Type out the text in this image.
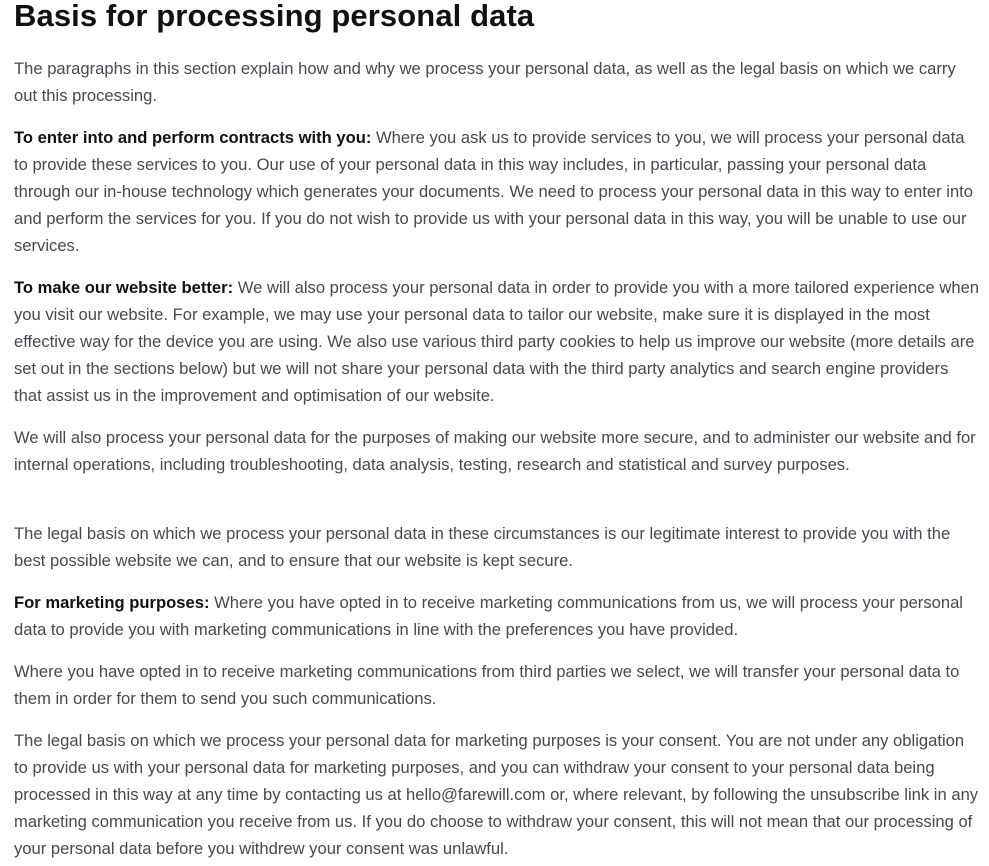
Basis for processing personal data

The paragraphs in this section explain how and why we process your personal data, as well as the legal basis on which we carry out this processing.

To enter into and perform contracts with you: Where you ask us to provide services to you, we will process your personal data to provide these services to you. Our use of your personal data in this way includes, in particular, passing your personal data through our in-house technology which generates your documents. We need to process your personal data in this way to enter into and perform the services for you. If you do not wish to provide us with your personal data in this way, you will be unable to use our services.

To make our website better: We will also process your personal data in order to provide you with a more tailored experience when you visit our website. For example, we may use your personal data to tailor our website, make sure it is displayed in the most effective way for the device you are using. We also use various third party cookies to help us improve our website (more details are set out in the sections below) but we will not share your personal data with the third party analytics and search engine providers that assist us in the improvement and optimisation of our website.

We will also process your personal data for the purposes of making our website more secure, and to administer our website and for internal operations, including troubleshooting, data analysis, testing, research and statistical and survey purposes.

The legal basis on which we process your personal data in these circumstances is our legitimate interest to provide you with the best possible website we can, and to ensure that our website is kept secure.

For marketing purposes: Where you have opted in to receive marketing communications from us, we will process your personal data to provide you with marketing communications in line with the preferences you have provided.

Where you have opted in to receive marketing communications from third parties we select, we will transfer your personal data to them in order for them to send you such communications.

The legal basis on which we process your personal data for marketing purposes is your consent. You are not under any obligation to provide us with your personal data for marketing purposes, and you can withdraw your consent to your personal data being processed in this way at any time by contacting us at hello@farewill.com or, where relevant, by following the unsubscribe link in any marketing communication you receive from us. If you do choose to withdraw your consent, this will not mean that our processing of your personal data before you withdrew your consent was unlawful.
